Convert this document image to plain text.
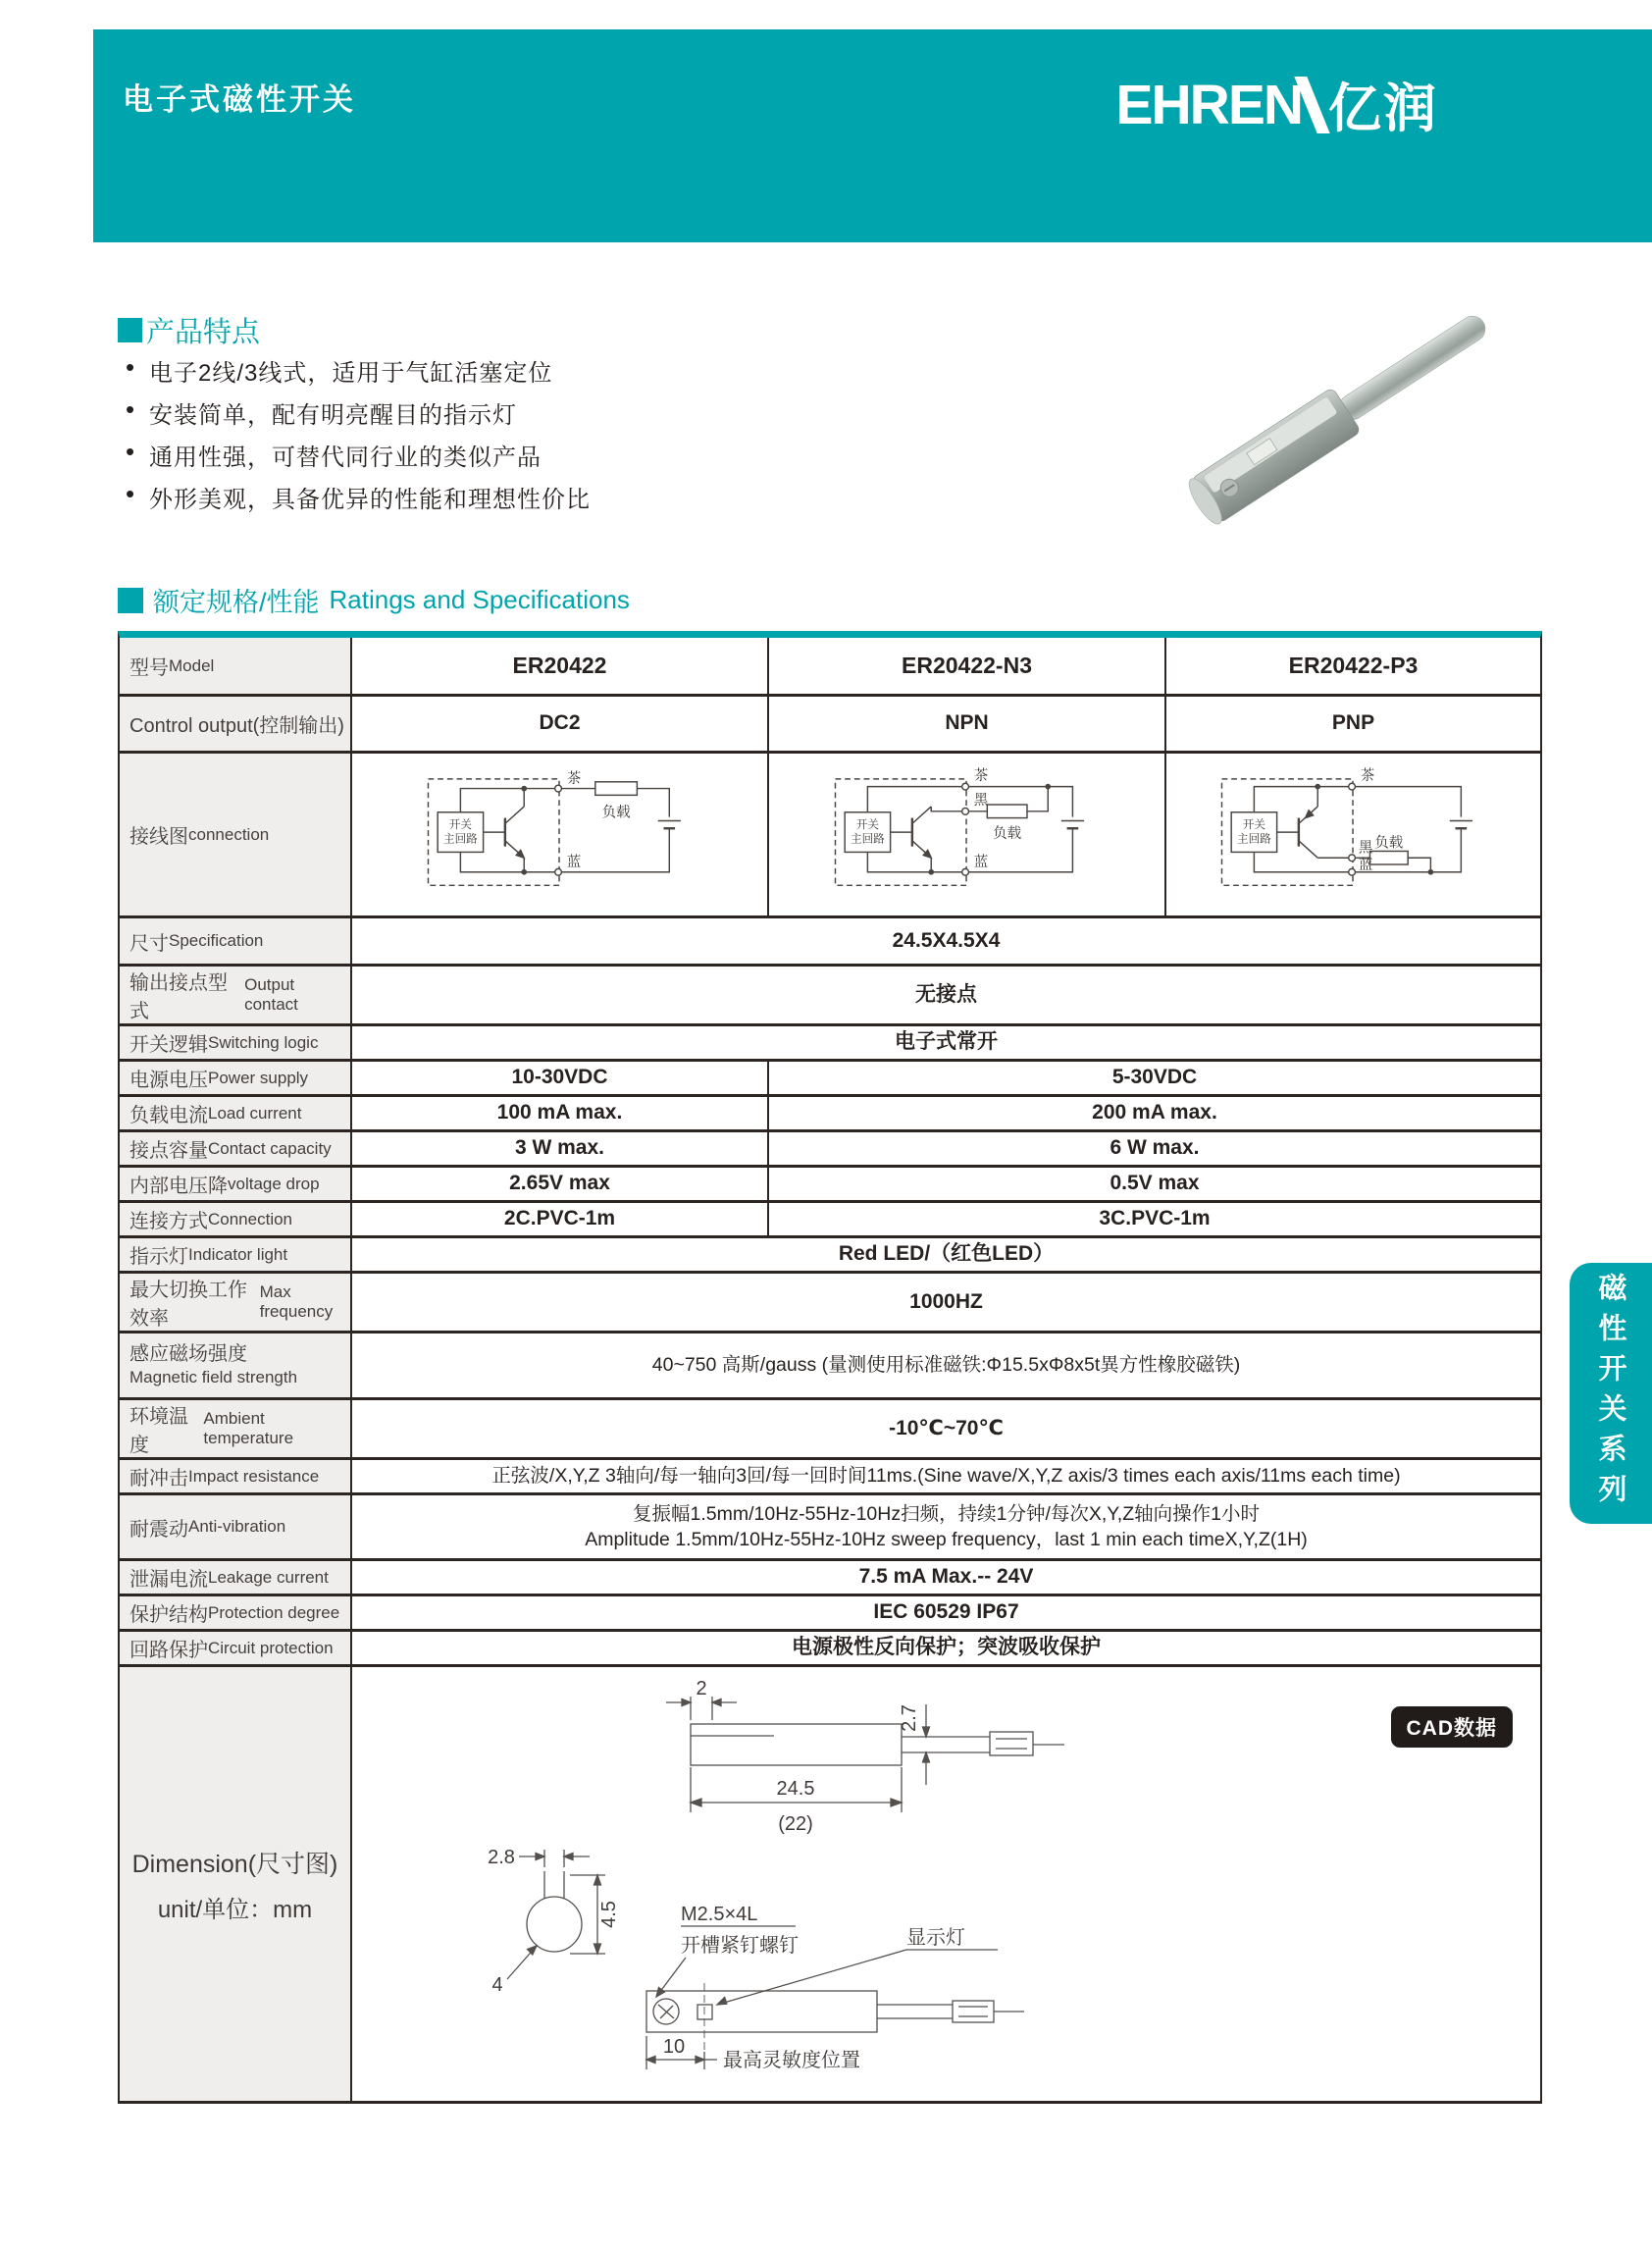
电子式磁性开关	EHREN 亿润
产品特点
• 电子2线/3线式，适用于气缸活塞定位
• 安装简单，配有明亮醒目的指示灯
• 通用性强，可替代同行业的类似产品
• 外形美观，具备优异的性能和理想性价比
额定规格/性能 Ratings and Specifications
型号 Model	ER20422	ER20422-N3	ER20422-P3
Control output(控制输出)	DC2	NPN	PNP
接线图 connection
开关
主回路
茶
蓝
负载
开关
主回路
茶
黑
蓝
负载
开关
主回路
茶
黑
蓝
负载
尺寸 Specification	24.5X4.5X4
输出接点型式
Output contact	无接点
开关逻辑 Switching logic	电子式常开
电源电压 Power supply	10-30VDC	5-30VDC
负载电流 Load current	100 mA max.	200 mA max.
接点容量 Contact capacity	3 W max.	6 W max.
内部电压降 voltage drop	2.65V max	0.5V max
连接方式 Connection	2C.PVC-1m	3C.PVC-1m
指示灯 Indicator light	Red LED/（红色LED）
最大切换工作效率
Max frequency	1000HZ
感应磁场强度
Magnetic field strength
40~750 高斯/gauss (量测使用标准磁铁:Φ15.5xΦ8x5t異方性橡胶磁铁)
环境温度
Ambient temperature	-10℃~70℃
耐冲击 Impact resistance	正弦波/X,Y,Z 3轴向/每一轴向3回/每一回时间11ms.(Sine wave/X,Y,Z axis/3 times each axis/11ms each time)
耐震动 Anti-vibration
复振幅1.5mm/10Hz-55Hz-10Hz扫频，持续1分钟/每次X,Y,Z轴向操作1小时
Amplitude 1.5mm/10Hz-55Hz-10Hz sweep frequency，last 1 min each timeX,Y,Z(1H)
泄漏电流 Leakage current	7.5 mA Max.-- 24V
保护结构 Protection degree	IEC 60529 IP67
回路保护 Circuit protection	电源极性反向保护；突波吸收保护
Dimension(尺寸图)
unit/单位：mm
CAD数据
2
24.5
(22)
2.7
2.8
4.5
4
M2.5×4L
开槽紧钉螺钉	显示灯
10
最高灵敏度位置
磁性开关系列
